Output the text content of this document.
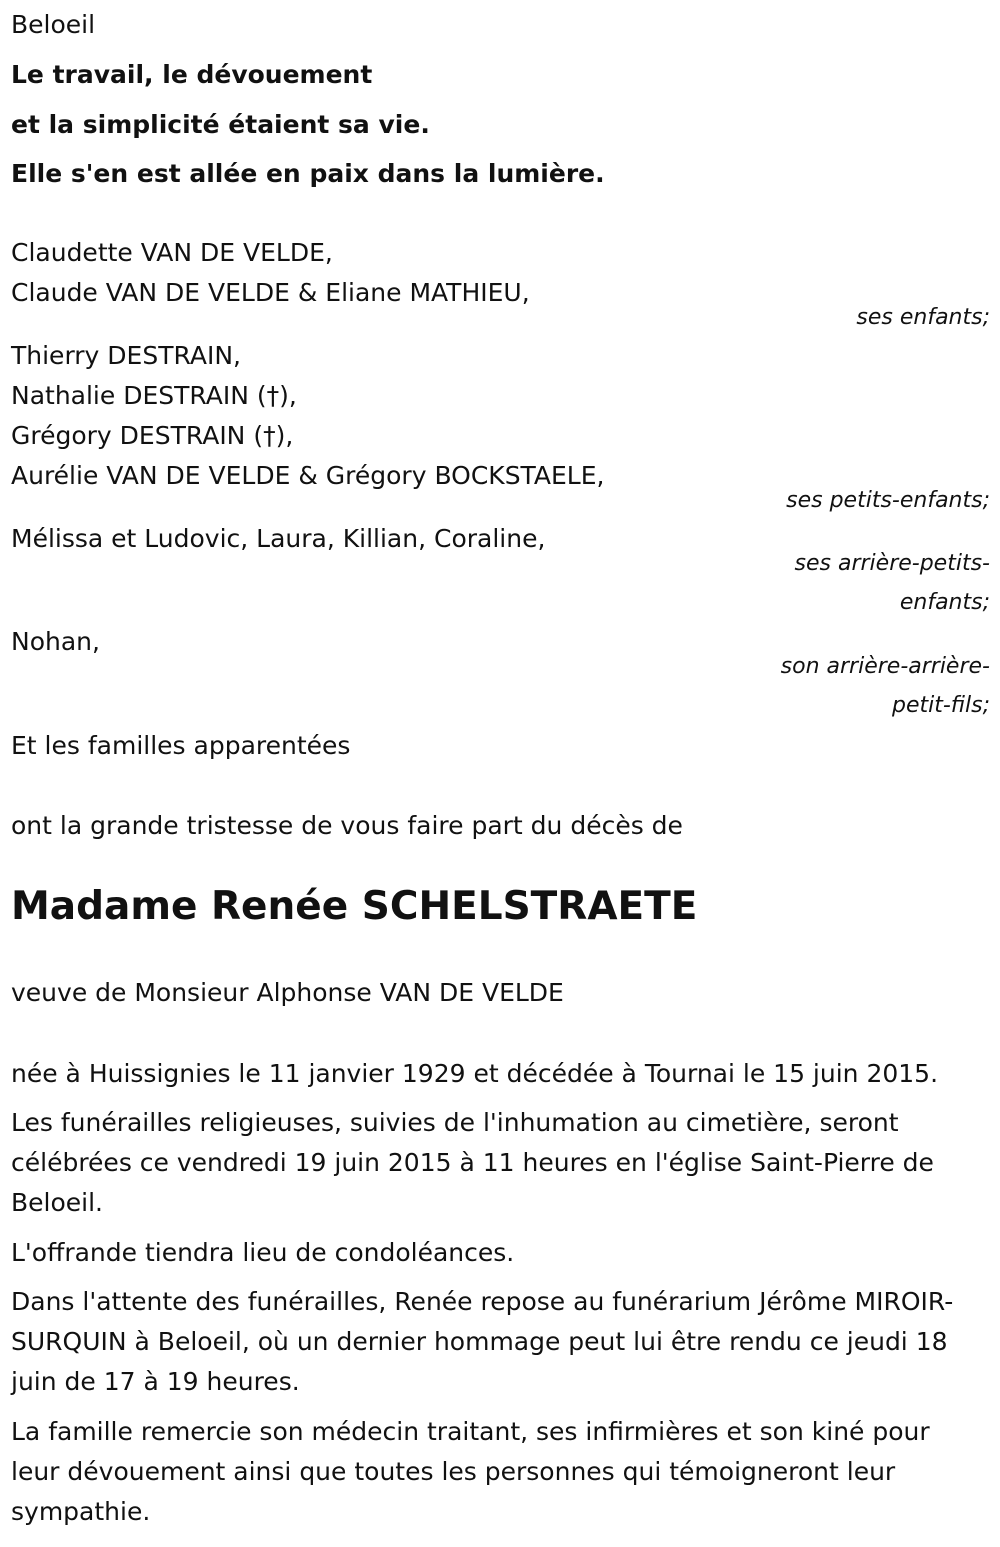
Beloeil
Le travail, le dévouement
et la simplicité étaient sa vie.
Elle s'en est allée en paix dans la lumière.
Claudette VAN DE VELDE,
Claude VAN DE VELDE & Eliane MATHIEU,
ses enfants;
Thierry DESTRAIN,
Nathalie DESTRAIN (†),
Grégory DESTRAIN (†),
Aurélie VAN DE VELDE & Grégory BOCKSTAELE,
ses petits-enfants;
Mélissa et Ludovic, Laura, Killian, Coraline,
ses arrière-petits-
enfants;
Nohan,
son arrière-arrière-
petit-fils;
Et les familles apparentées
ont la grande tristesse de vous faire part du décès de
Madame Renée SCHELSTRAETE
veuve de Monsieur Alphonse VAN DE VELDE
née à Huissignies le 11 janvier 1929 et décédée à Tournai le 15 juin 2015.
Les funérailles religieuses, suivies de l'inhumation au cimetière, seront célébrées ce vendredi 19 juin 2015 à 11 heures en l'église Saint-Pierre de Beloeil.
L'offrande tiendra lieu de condoléances.
Dans l'attente des funérailles, Renée repose au funérarium Jérôme MIROIR-SURQUIN à Beloeil, où un dernier hommage peut lui être rendu ce jeudi 18 juin de 17 à 19 heures.
La famille remercie son médecin traitant, ses infirmières et son kiné pour leur dévouement ainsi que toutes les personnes qui témoigneront leur sympathie.
